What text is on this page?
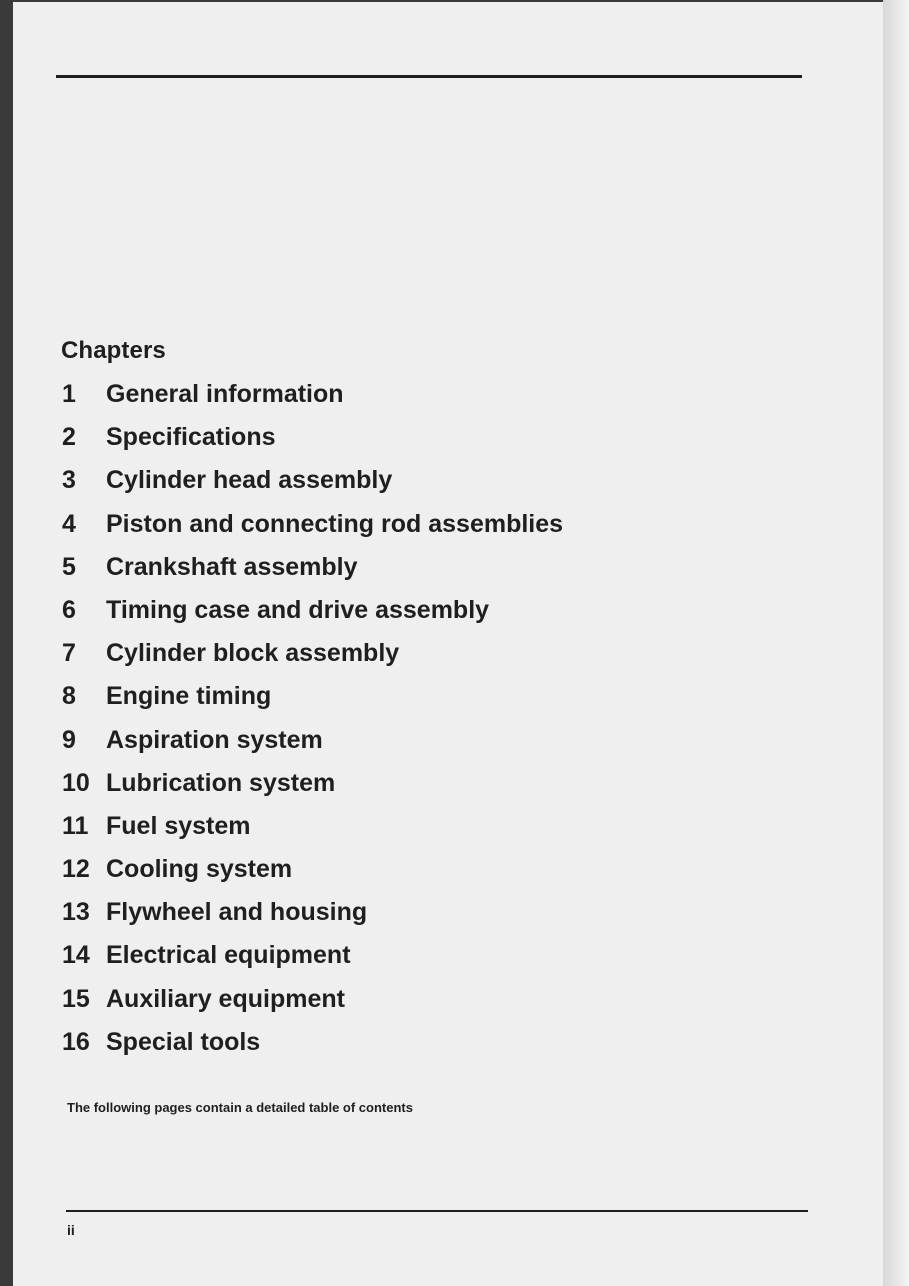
Chapters
1 General information
2 Specifications
3 Cylinder head assembly
4 Piston and connecting rod assemblies
5 Crankshaft assembly
6 Timing case and drive assembly
7 Cylinder block assembly
8 Engine timing
9 Aspiration system
10 Lubrication system
11 Fuel system
12 Cooling system
13 Flywheel and housing
14 Electrical equipment
15 Auxiliary equipment
16 Special tools
The following pages contain a detailed table of contents
ii
